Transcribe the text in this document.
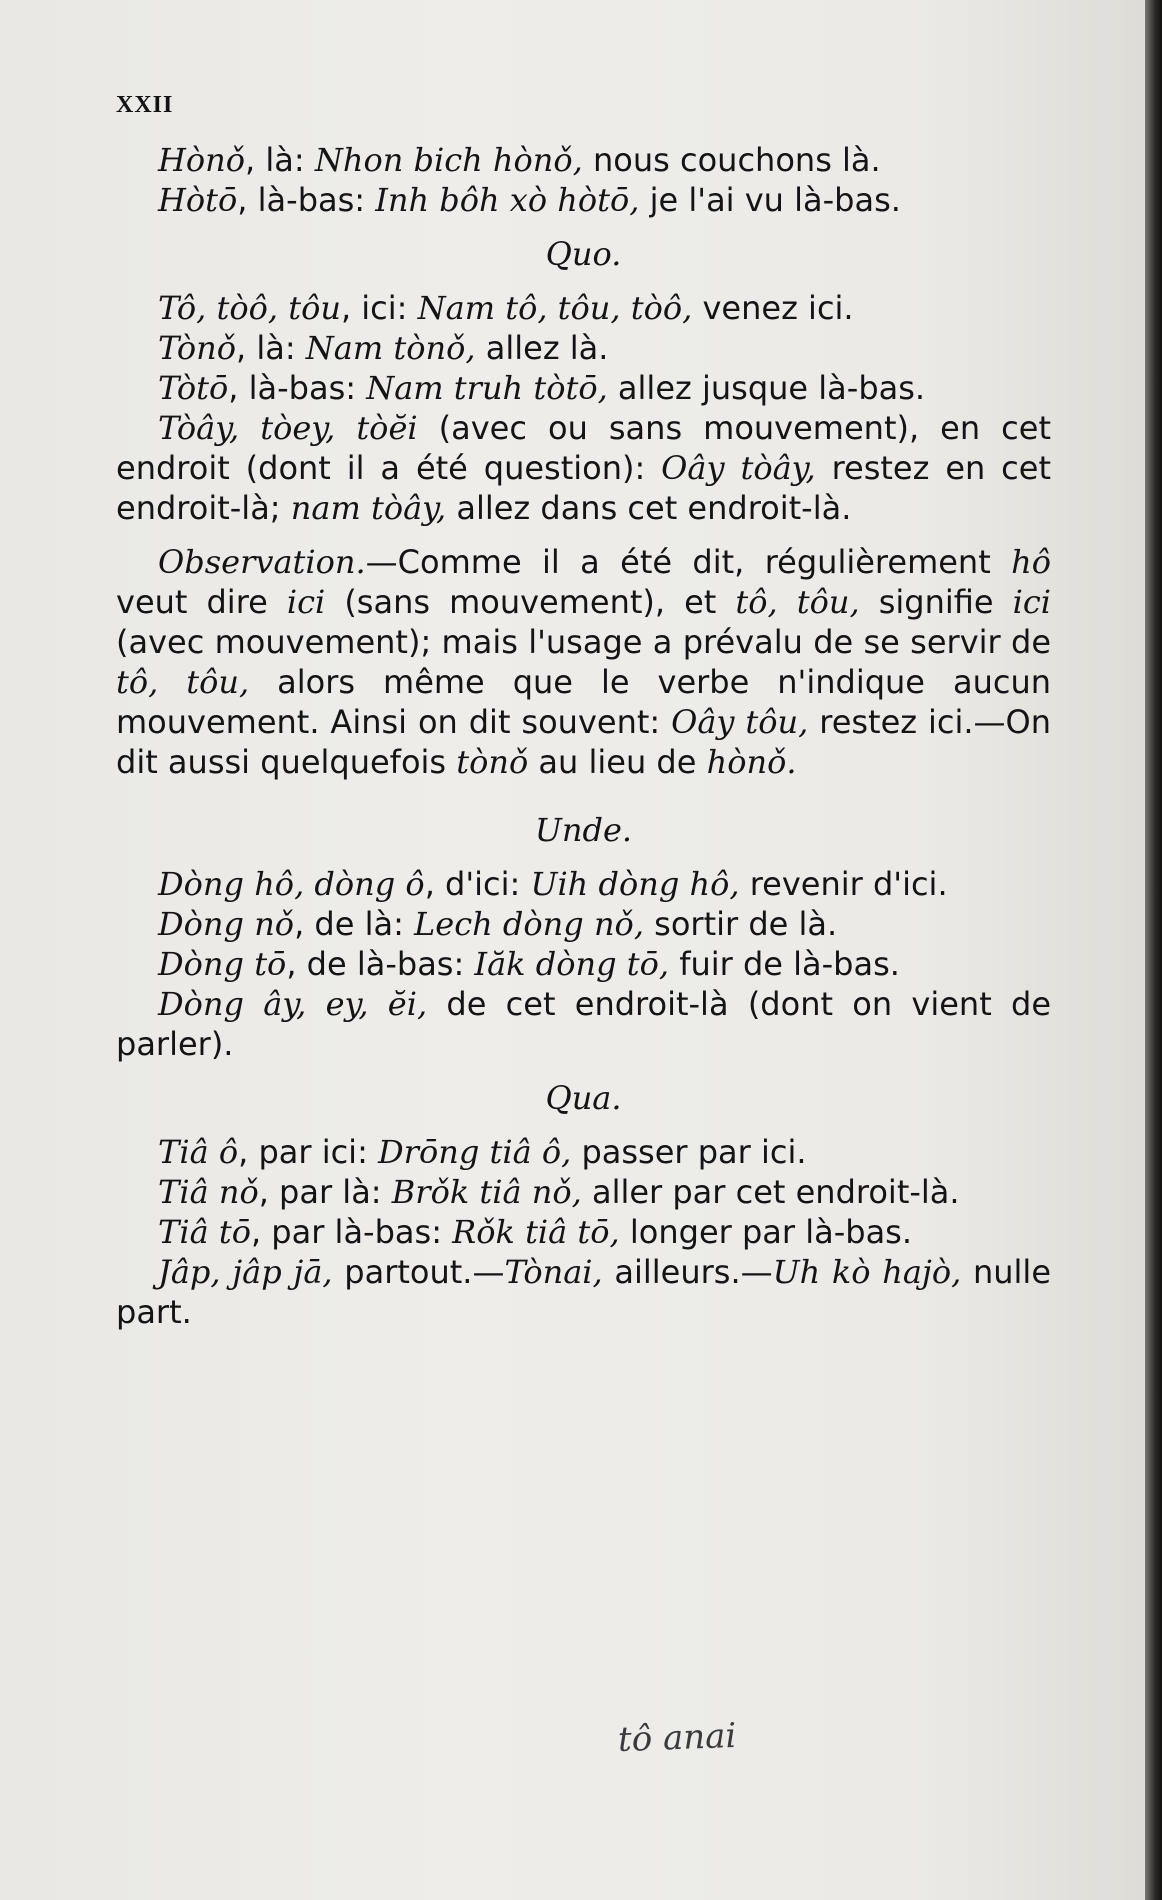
XXII

Hònǒ, là: Nhon bich hònǒ, nous couchons là.

Hòtō, là-bas: Inh bôh xò hòtō, je l'ai vu là-bas.

Quo.

Tô, tòô, tôu, ici: Nam tô, tôu, tòô, venez ici.

Tònǒ, là: Nam tònǒ, allez là.

Tòtō, là-bas: Nam truh tòtō, allez jusque là-bas.

Tòây, tòey, tòĕi (avec ou sans mouvement), en cet endroit (dont il a été question): Oây tòây, restez en cet endroit-là; nam tòây, allez dans cet endroit-là.

Observation.—Comme il a été dit, régulièrement hô veut dire ici (sans mouvement), et tô, tôu, signifie ici (avec mouvement); mais l'usage a prévalu de se servir de tô, tôu, alors même que le verbe n'indique aucun mouvement. Ainsi on dit souvent: Oây tôu, restez ici.—On dit aussi quelquefois tònǒ au lieu de hònǒ.

Unde.

Dòng hô, dòng ô, d'ici: Uih dòng hô, revenir d'ici.

Dòng nǒ, de là: Lech dòng nǒ, sortir de là.

Dòng tō, de là-bas: Iăk dòng tō, fuir de là-bas.

Dòng ây, ey, ĕi, de cet endroit-là (dont on vient de parler).

Qua.

Tiâ ô, par ici: Drōng tiâ ô, passer par ici.

Tiâ nǒ, par là: Brǒk tiâ nǒ, aller par cet endroit-là.

Tiâ tō, par là-bas: Rǒk tiâ tō, longer par là-bas.

Jâp, jâp jā, partout.—Tònai, ailleurs.—Uh kò hajò, nulle part.

tô anai
